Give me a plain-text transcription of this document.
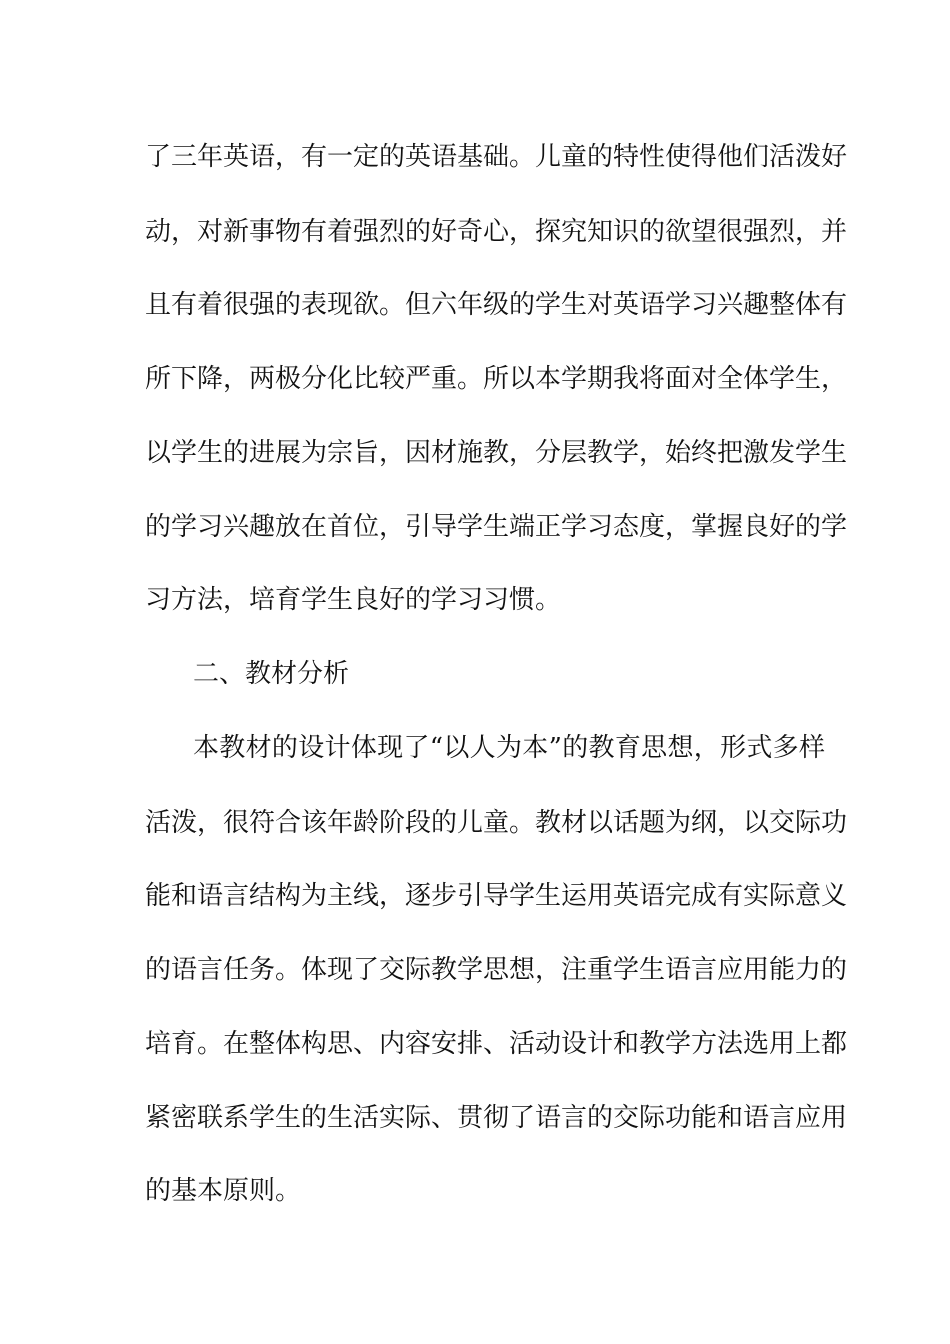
了三年英语，有一定的英语基础。儿童的特性使得他们活泼好
动，对新事物有着强烈的好奇心，探究知识的欲望很强烈，并
且有着很强的表现欲。但六年级的学生对英语学习兴趣整体有
所下降，两极分化比较严重。所以本学期我将面对全体学生，
以学生的进展为宗旨，因材施教，分层教学，始终把激发学生
的学习兴趣放在首位，引导学生端正学习态度，掌握良好的学
习方法，培育学生良好的学习习惯。
二、教材分析
本教材的设计体现了“以人为本”的教育思想，形式多样
活泼，很符合该年龄阶段的儿童。教材以话题为纲，以交际功
能和语言结构为主线，逐步引导学生运用英语完成有实际意义
的语言任务。体现了交际教学思想，注重学生语言应用能力的
培育。在整体构思、内容安排、活动设计和教学方法选用上都
紧密联系学生的生活实际、贯彻了语言的交际功能和语言应用
的基本原则。
